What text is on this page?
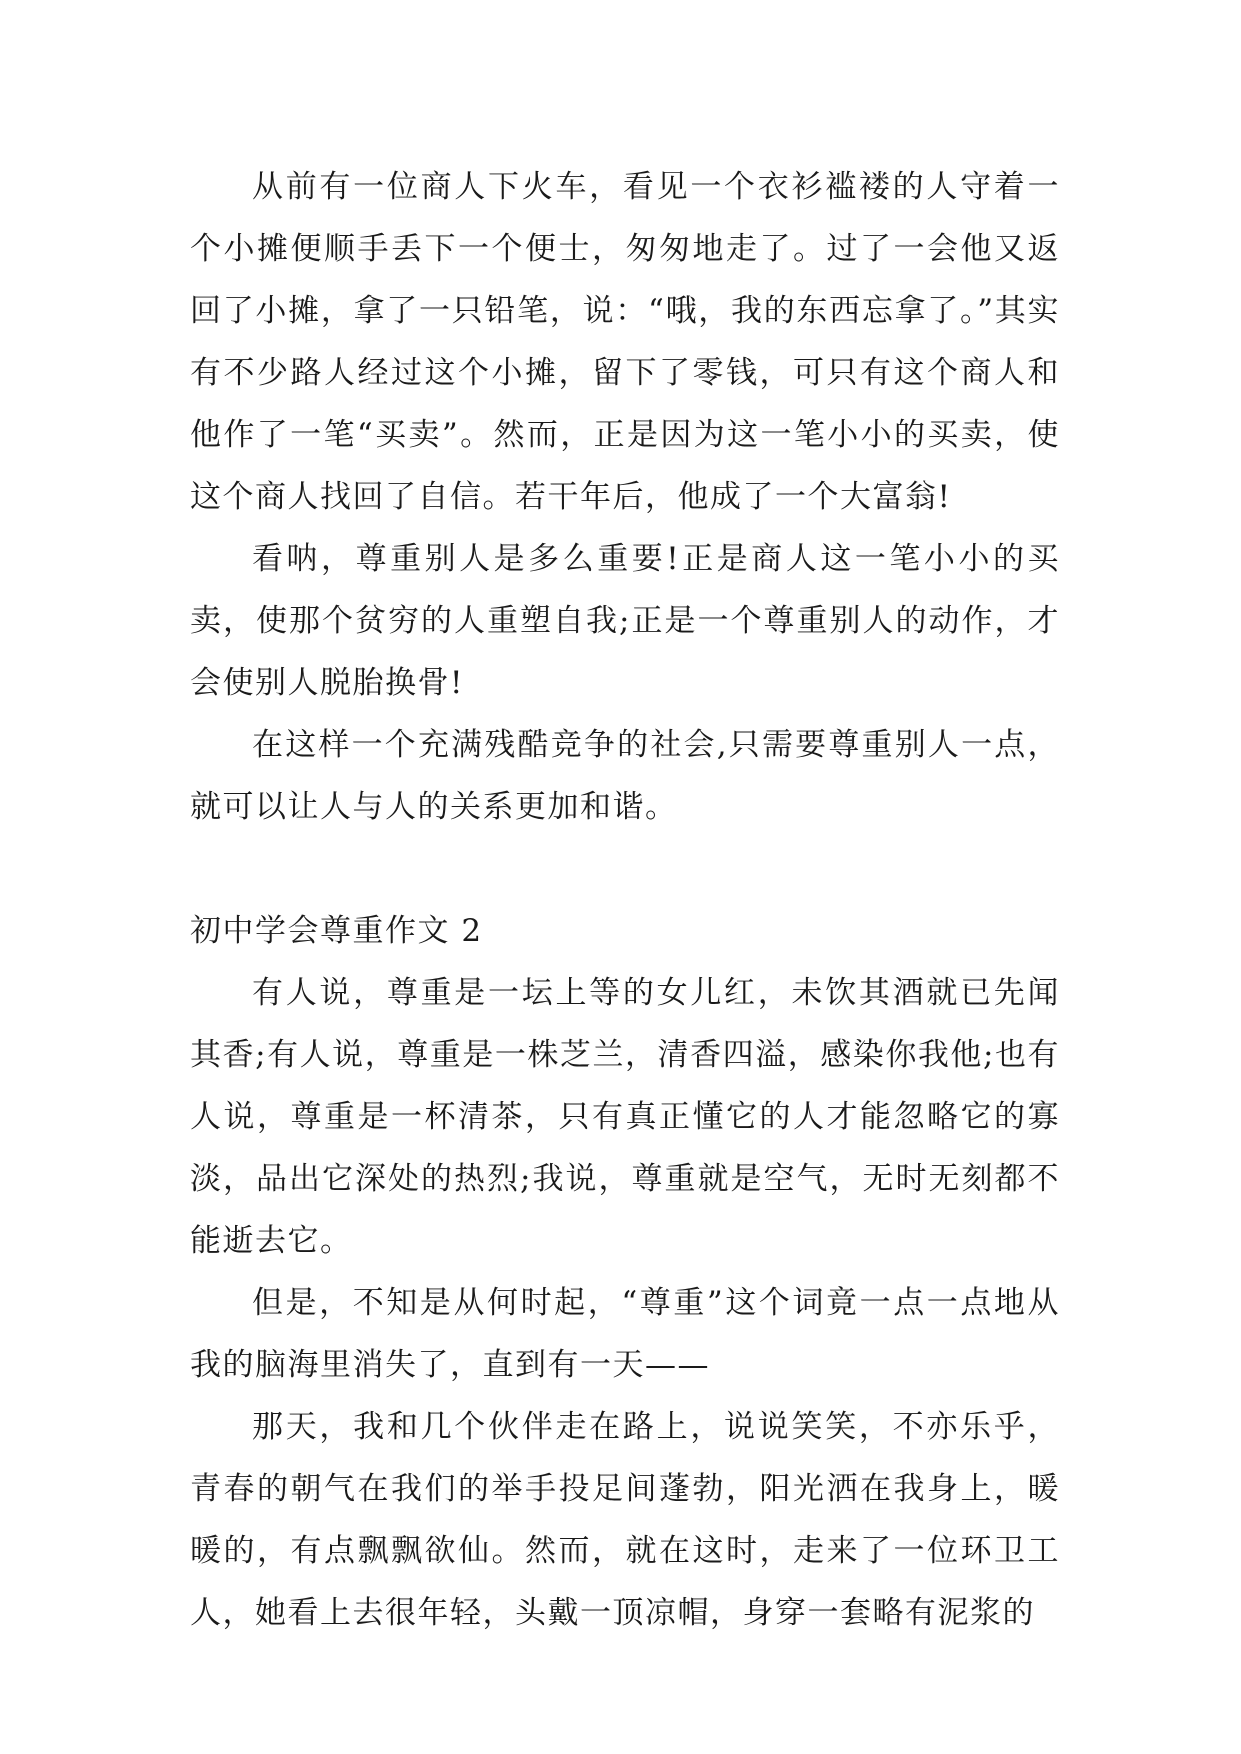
从前有一位商人下火车，看见一个衣衫褴褛的人守着一个小摊便顺手丢下一个便士，匆匆地走了。过了一会他又返回了小摊，拿了一只铅笔，说：“哦，我的东西忘拿了。”其实有不少路人经过这个小摊，留下了零钱，可只有这个商人和他作了一笔“买卖”。然而，正是因为这一笔小小的买卖，使这个商人找回了自信。若干年后，他成了一个大富翁!

看呐，尊重别人是多么重要!正是商人这一笔小小的买卖，使那个贫穷的人重塑自我;正是一个尊重别人的动作，才会使别人脱胎换骨!

在这样一个充满残酷竞争的社会,只需要尊重别人一点，就可以让人与人的关系更加和谐。

初中学会尊重作文 2

有人说，尊重是一坛上等的女儿红，未饮其酒就已先闻其香;有人说，尊重是一株芝兰，清香四溢，感染你我他;也有人说，尊重是一杯清茶，只有真正懂它的人才能忽略它的寡淡，品出它深处的热烈;我说，尊重就是空气，无时无刻都不能逝去它。

但是，不知是从何时起，“尊重”这个词竟一点一点地从我的脑海里消失了，直到有一天——

那天，我和几个伙伴走在路上，说说笑笑，不亦乐乎，青春的朝气在我们的举手投足间蓬勃，阳光洒在我身上，暖暖的，有点飘飘欲仙。然而，就在这时，走来了一位环卫工人，她看上去很年轻，头戴一顶凉帽，身穿一套略有泥浆的
